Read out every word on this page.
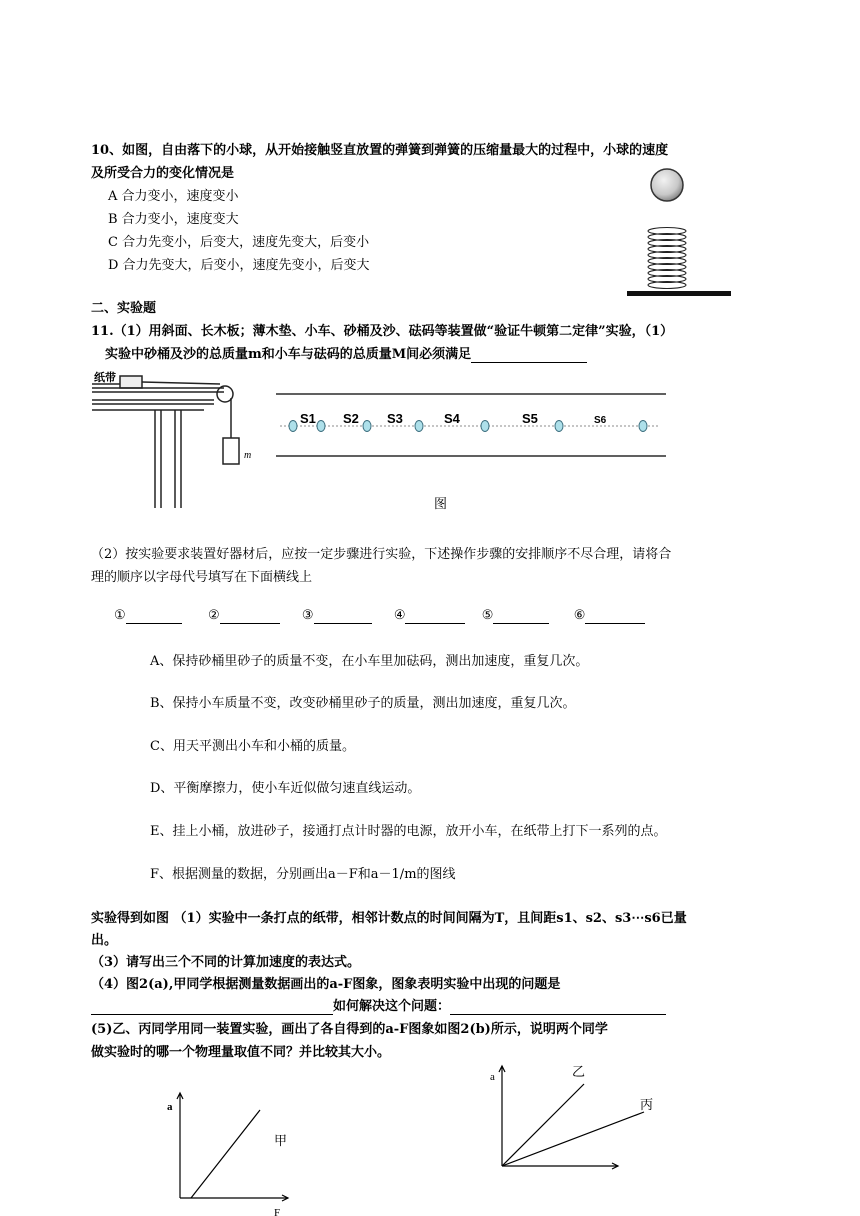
10、如图，自由落下的小球，从开始接触竖直放置的弹簧到弹簧的压缩量最大的过程中，小球的速度
及所受合力的变化情况是
A 合力变小，速度变小
B 合力变小，速度变大
C 合力先变小，后变大，速度先变大，后变小
D 合力先变大，后变小，速度先变小，后变大
二、实验题
11.（1）用斜面、长木板；薄木垫、小车、砂桶及沙、砝码等装置做“验证牛顿第二定律”实验，（1）
实验中砂桶及沙的总质量m和小车与砝码的总质量M间必须满足
纸带
m
S1 S2 S3	S4	S5	S6
图
（2）按实验要求装置好器材后，应按一定步骤进行实验，下述操作步骤的安排顺序不尽合理，请将合
理的顺序以字母代号填写在下面横线上
①	②	③	④	⑤	⑥
A、保持砂桶里砂子的质量不变，在小车里加砝码，测出加速度，重复几次。
B、保持小车质量不变，改变砂桶里砂子的质量，测出加速度，重复几次。
C、用天平测出小车和小桶的质量。
D、平衡摩擦力，使小车近似做匀速直线运动。
E、挂上小桶，放进砂子，接通打点计时器的电源，放开小车，在纸带上打下一系列的点。
F、根据测量的数据，分别画出a－F和a－1/m的图线
实验得到如图 （1）实验中一条打点的纸带，相邻计数点的时间间隔为T，且间距s1、s2、s3⋯s6已量
出。
（3）请写出三个不同的计算加速度的表达式。
（4）图2(a),甲同学根据测量数据画出的a-F图象，图象表明实验中出现的问题是
如何解决这个问题：
(5)乙、丙同学用同一装置实验，画出了各自得到的a-F图象如图2(b)所示，说明两个同学
做实验时的哪一个物理量取值不同？并比较其大小。
a
F
甲
a	乙
丙
